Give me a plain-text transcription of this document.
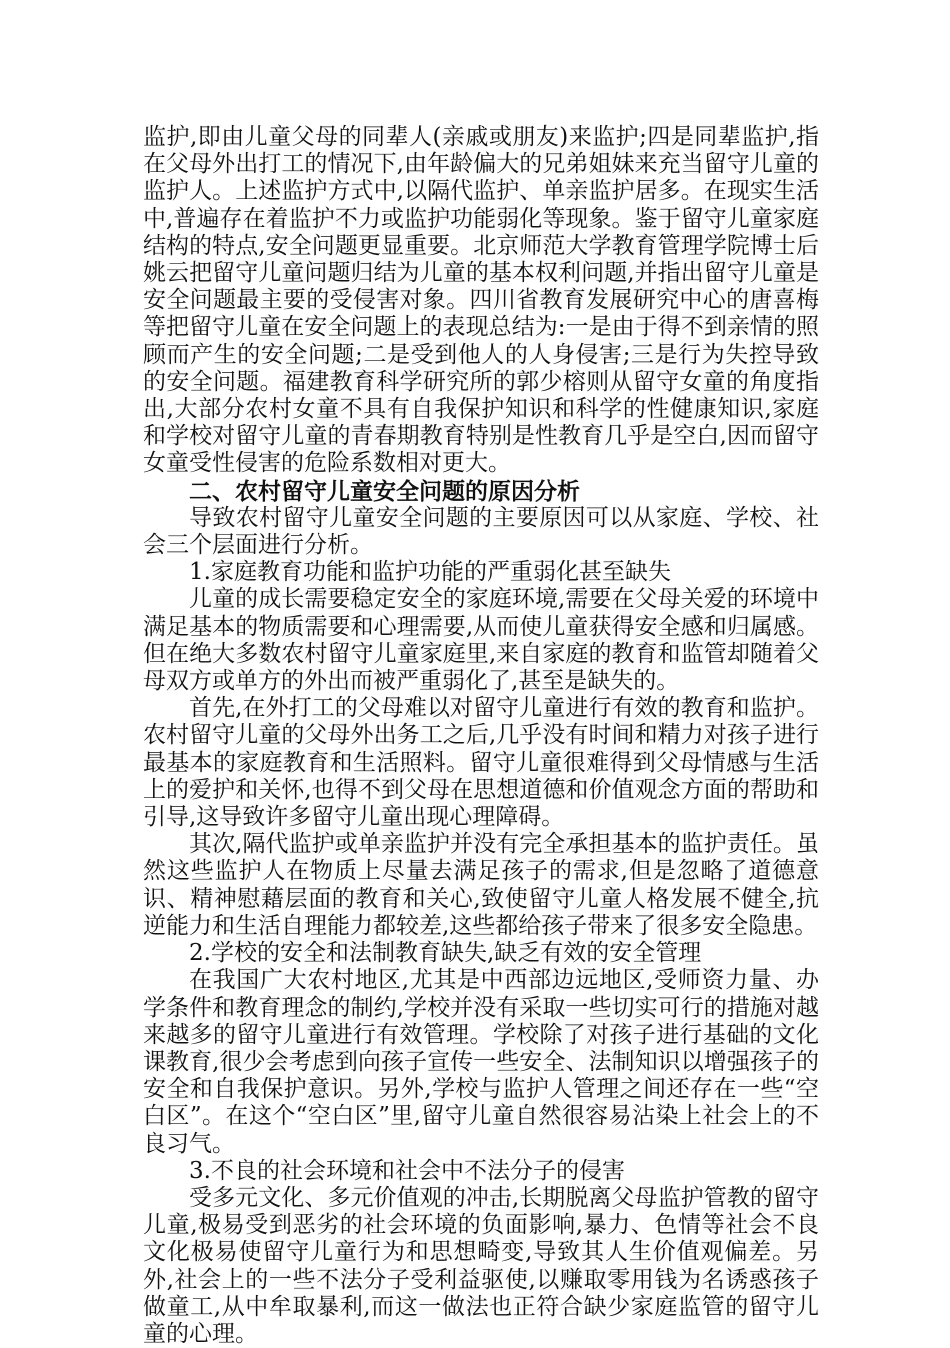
监护,即由儿童父母的同辈人(亲戚或朋友)来监护;四是同辈监护,指在父母外出打工的情况下,由年龄偏大的兄弟姐妹来充当留守儿童的监护人。上述监护方式中,以隔代监护、单亲监护居多。在现实生活中,普遍存在着监护不力或监护功能弱化等现象。鉴于留守儿童家庭结构的特点,安全问题更显重要。北京师范大学教育管理学院博士后姚云把留守儿童问题归结为儿童的基本权利问题,并指出留守儿童是安全问题最主要的受侵害对象。四川省教育发展研究中心的唐喜梅等把留守儿童在安全问题上的表现总结为:一是由于得不到亲情的照顾而产生的安全问题;二是受到他人的人身侵害;三是行为失控导致的安全问题。福建教育科学研究所的郭少榕则从留守女童的角度指出,大部分农村女童不具有自我保护知识和科学的性健康知识,家庭和学校对留守儿童的青春期教育特别是性教育几乎是空白,因而留守女童受性侵害的危险系数相对更大。

二、农村留守儿童安全问题的原因分析

导致农村留守儿童安全问题的主要原因可以从家庭、学校、社会三个层面进行分析。

1.家庭教育功能和监护功能的严重弱化甚至缺失

儿童的成长需要稳定安全的家庭环境,需要在父母关爱的环境中满足基本的物质需要和心理需要,从而使儿童获得安全感和归属感。但在绝大多数农村留守儿童家庭里,来自家庭的教育和监管却随着父母双方或单方的外出而被严重弱化了,甚至是缺失的。

首先,在外打工的父母难以对留守儿童进行有效的教育和监护。农村留守儿童的父母外出务工之后,几乎没有时间和精力对孩子进行最基本的家庭教育和生活照料。留守儿童很难得到父母情感与生活上的爱护和关怀,也得不到父母在思想道德和价值观念方面的帮助和引导,这导致许多留守儿童出现心理障碍。

其次,隔代监护或单亲监护并没有完全承担基本的监护责任。虽然这些监护人在物质上尽量去满足孩子的需求,但是忽略了道德意识、精神慰藉层面的教育和关心,致使留守儿童人格发展不健全,抗逆能力和生活自理能力都较差,这些都给孩子带来了很多安全隐患。

2.学校的安全和法制教育缺失,缺乏有效的安全管理

在我国广大农村地区,尤其是中西部边远地区,受师资力量、办学条件和教育理念的制约,学校并没有采取一些切实可行的措施对越来越多的留守儿童进行有效管理。学校除了对孩子进行基础的文化课教育,很少会考虑到向孩子宣传一些安全、法制知识以增强孩子的安全和自我保护意识。另外,学校与监护人管理之间还存在一些“空白区”。在这个“空白区”里,留守儿童自然很容易沾染上社会上的不良习气。

3.不良的社会环境和社会中不法分子的侵害

受多元文化、多元价值观的冲击,长期脱离父母监护管教的留守儿童,极易受到恶劣的社会环境的负面影响,暴力、色情等社会不良文化极易使留守儿童行为和思想畸变,导致其人生价值观偏差。另外,社会上的一些不法分子受利益驱使,以赚取零用钱为名诱惑孩子做童工,从中牟取暴利,而这一做法也正符合缺少家庭监管的留守儿童的心理。
